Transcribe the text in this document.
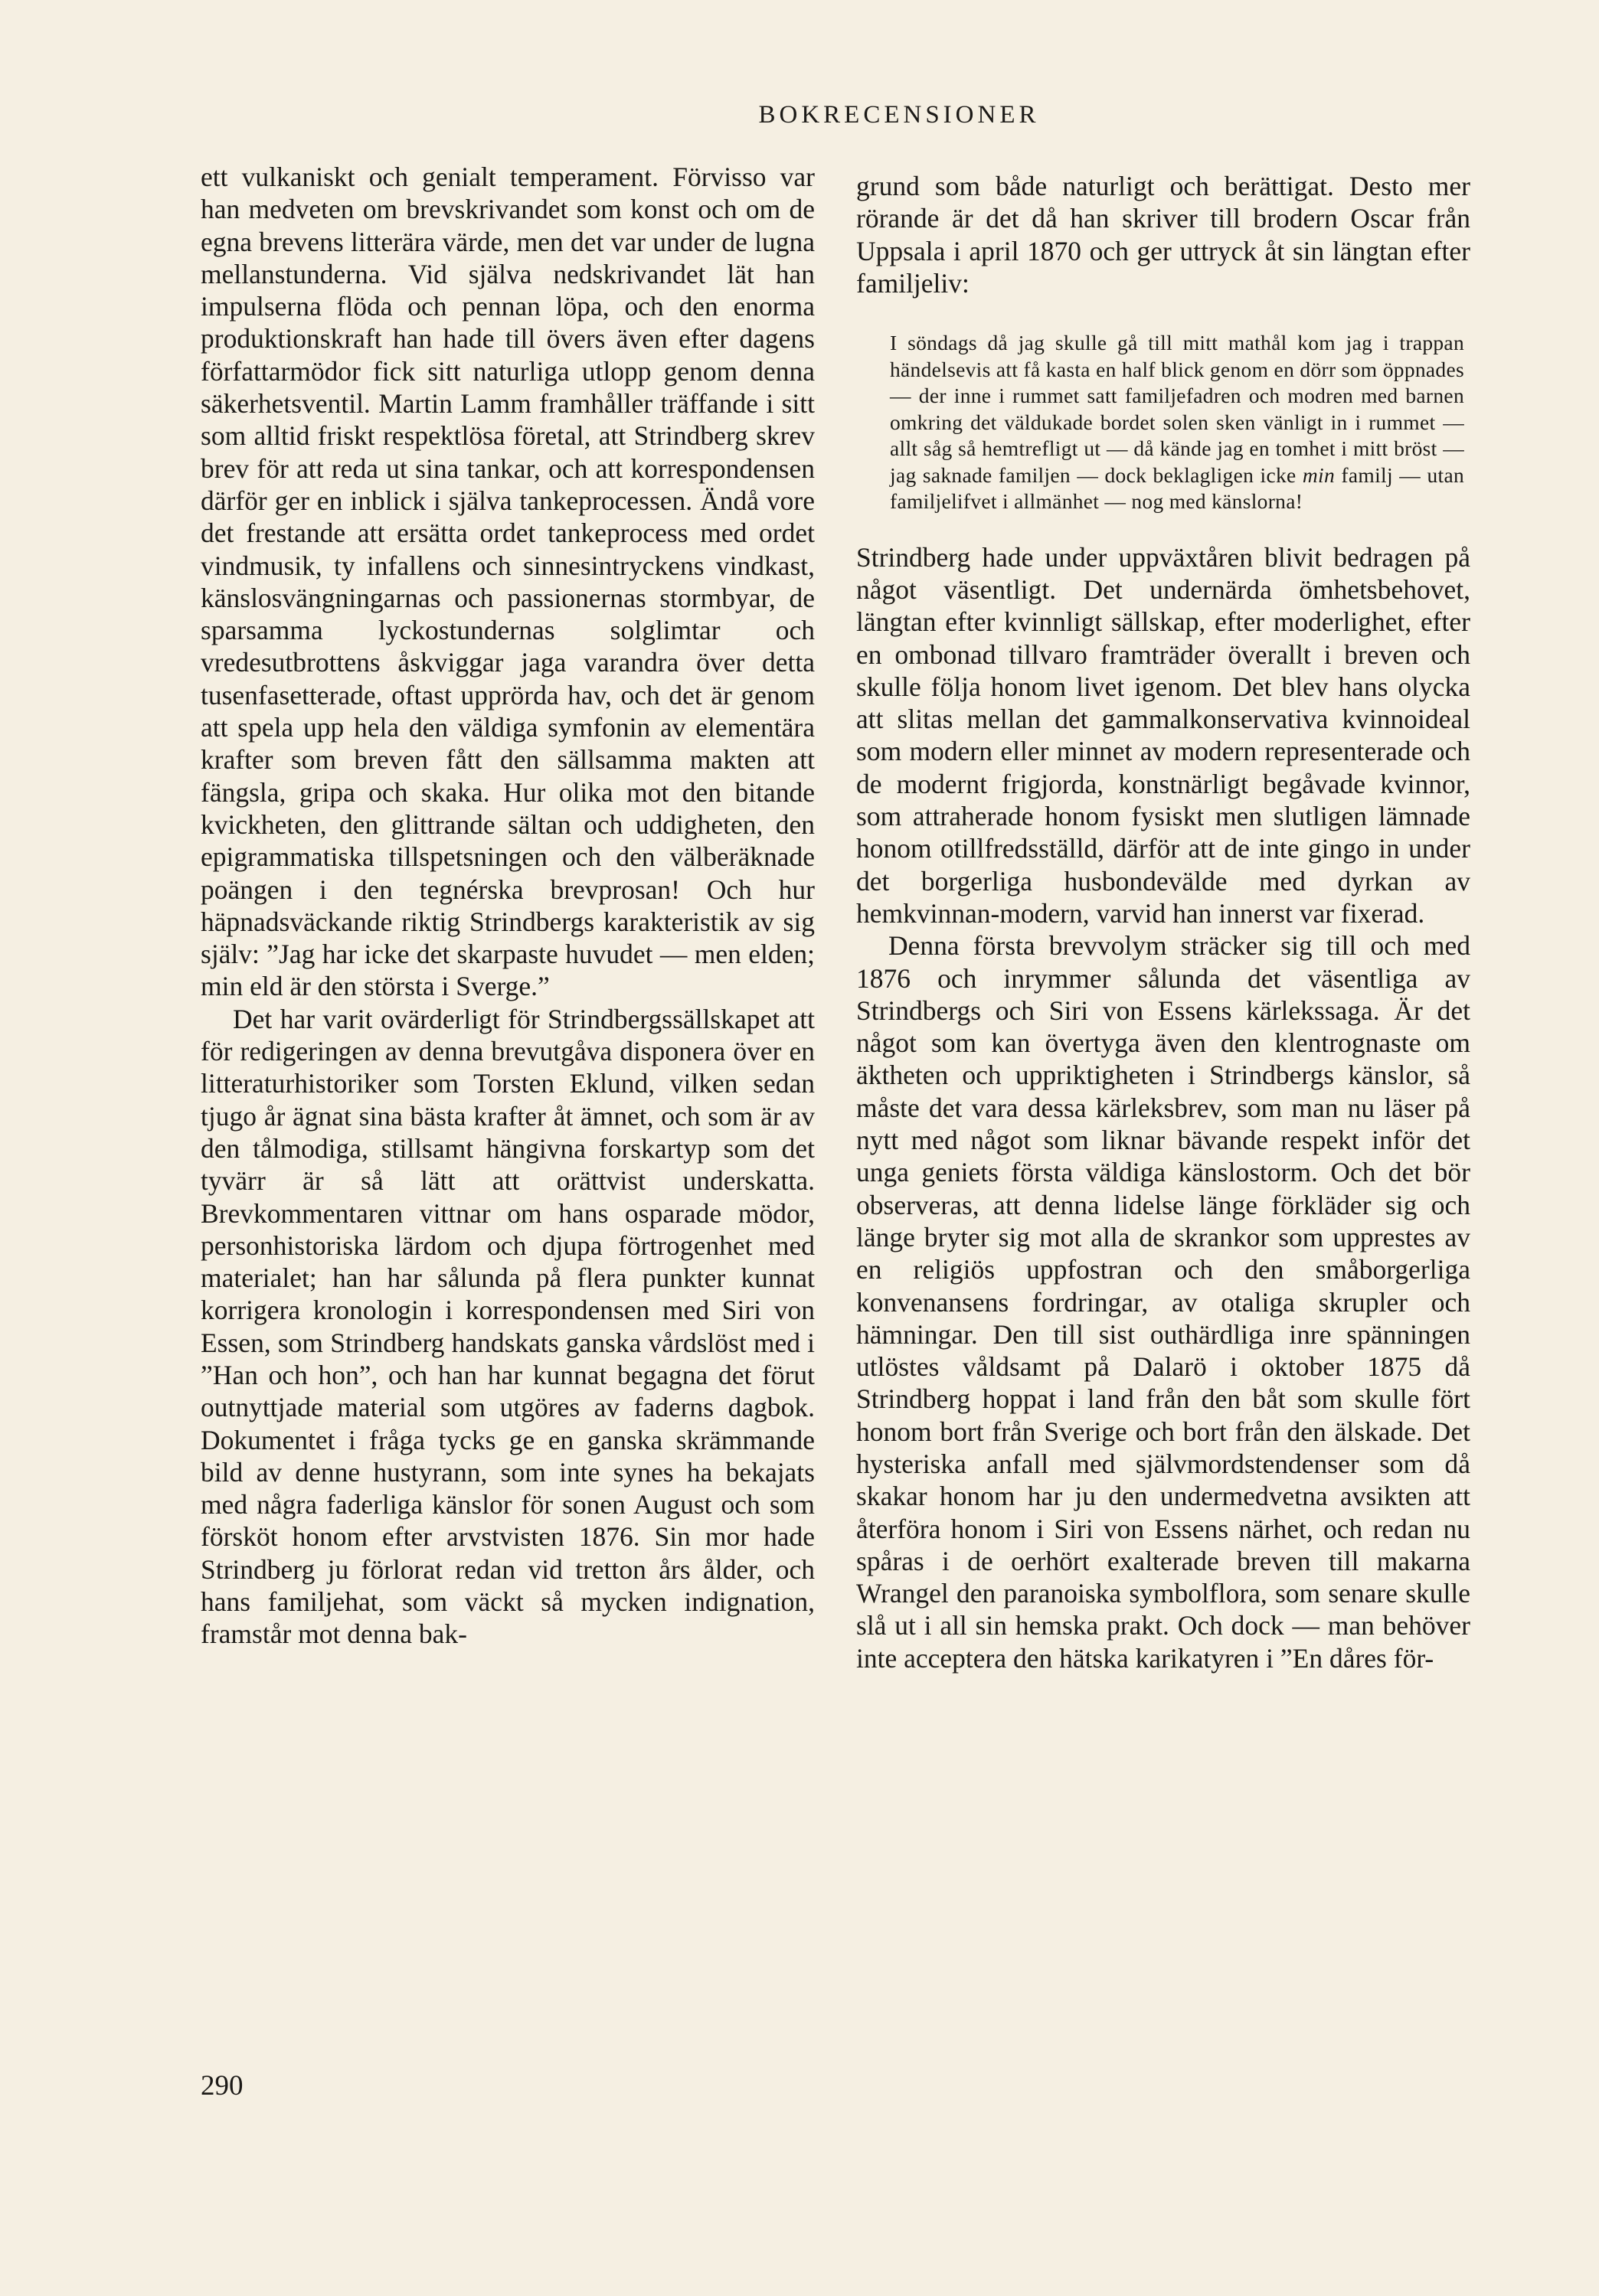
BOKRECENSIONER

ett vulkaniskt och genialt temperament. Förvisso var han medveten om brevskrivandet som konst och om de egna brevens litterära värde, men det var under de lugna mellanstunderna. Vid själva nedskrivandet lät han impulserna flöda och pennan löpa, och den enorma produktionskraft han hade till övers även efter dagens författarmödor fick sitt naturliga utlopp genom denna säkerhetsventil. Martin Lamm framhåller träffande i sitt som alltid friskt respektlösa företal, att Strindberg skrev brev för att reda ut sina tankar, och att korrespondensen därför ger en inblick i själva tankeprocessen. Ändå vore det frestande att ersätta ordet tankeprocess med ordet vindmusik, ty infallens och sinnesintryckens vindkast, känslosvängningarnas och passionernas stormbyar, de sparsamma lyckostundernas solglimtar och vredesutbrottens åskviggar jaga varandra över detta tusenfasetterade, oftast upprörda hav, och det är genom att spela upp hela den väldiga symfonin av elementära krafter som breven fått den sällsamma makten att fängsla, gripa och skaka. Hur olika mot den bitande kvickheten, den glittrande sältan och uddigheten, den epigrammatiska tillspetsningen och den välberäknade poängen i den tegnérska brevprosan! Och hur häpnadsväckande riktig Strindbergs karakteristik av sig själv: ”Jag har icke det skarpaste huvudet — men elden; min eld är den största i Sverge.”

Det har varit ovärderligt för Strindbergssällskapet att för redigeringen av denna brevutgåva disponera över en litteraturhistoriker som Torsten Eklund, vilken sedan tjugo år ägnat sina bästa krafter åt ämnet, och som är av den tålmodiga, stillsamt hängivna forskartyp som det tyvärr är så lätt att orättvist underskatta. Brevkommentaren vittnar om hans osparade mödor, personhistoriska lärdom och djupa förtrogenhet med materialet; han har sålunda på flera punkter kunnat korrigera kronologin i korrespondensen med Siri von Essen, som Strindberg handskats ganska vårdslöst med i ”Han och hon”, och han har kunnat begagna det förut outnyttjade material som utgöres av faderns dagbok. Dokumentet i fråga tycks ge en ganska skrämmande bild av denne hustyrann, som inte synes ha bekajats med några faderliga känslor för sonen August och som försköt honom efter arvstvisten 1876. Sin mor hade Strindberg ju förlorat redan vid tretton års ålder, och hans familjehat, som väckt så mycken indignation, framstår mot denna bak-

grund som både naturligt och berättigat. Desto mer rörande är det då han skriver till brodern Oscar från Uppsala i april 1870 och ger uttryck åt sin längtan efter familjeliv:

I söndags då jag skulle gå till mitt mathål kom jag i trappan händelsevis att få kasta en half blick genom en dörr som öppnades — der inne i rummet satt familjefadren och modren med barnen omkring det väldukade bordet solen sken vänligt in i rummet — allt såg så hemtrefligt ut — då kände jag en tomhet i mitt bröst — jag saknade familjen — dock beklagligen icke min familj — utan familjelifvet i allmänhet — nog med känslorna!

Strindberg hade under uppväxtåren blivit bedragen på något väsentligt. Det undernärda ömhetsbehovet, längtan efter kvinnligt sällskap, efter moderlighet, efter en ombonad tillvaro framträder överallt i breven och skulle följa honom livet igenom. Det blev hans olycka att slitas mellan det gammalkonservativa kvinnoideal som modern eller minnet av modern representerade och de modernt frigjorda, konstnärligt begåvade kvinnor, som attraherade honom fysiskt men slutligen lämnade honom otillfredsställd, därför att de inte gingo in under det borgerliga husbondevälde med dyrkan av hemkvinnan-modern, varvid han innerst var fixerad.

Denna första brevvolym sträcker sig till och med 1876 och inrymmer sålunda det väsentliga av Strindbergs och Siri von Essens kärlekssaga. Är det något som kan övertyga även den klentrognaste om äktheten och uppriktigheten i Strindbergs känslor, så måste det vara dessa kärleksbrev, som man nu läser på nytt med något som liknar bävande respekt inför det unga geniets första väldiga känslostorm. Och det bör observeras, att denna lidelse länge förkläder sig och länge bryter sig mot alla de skrankor som upprestes av en religiös uppfostran och den småborgerliga konvenansens fordringar, av otaliga skrupler och hämningar. Den till sist outhärdliga inre spänningen utlöstes våldsamt på Dalarö i oktober 1875 då Strindberg hoppat i land från den båt som skulle fört honom bort från Sverige och bort från den älskade. Det hysteriska anfall med självmordstendenser som då skakar honom har ju den undermedvetna avsikten att återföra honom i Siri von Essens närhet, och redan nu spåras i de oerhört exalterade breven till makarna Wrangel den paranoiska symbolflora, som senare skulle slå ut i all sin hemska prakt. Och dock — man behöver inte acceptera den hätska karikatyren i ”En dåres för-

290
